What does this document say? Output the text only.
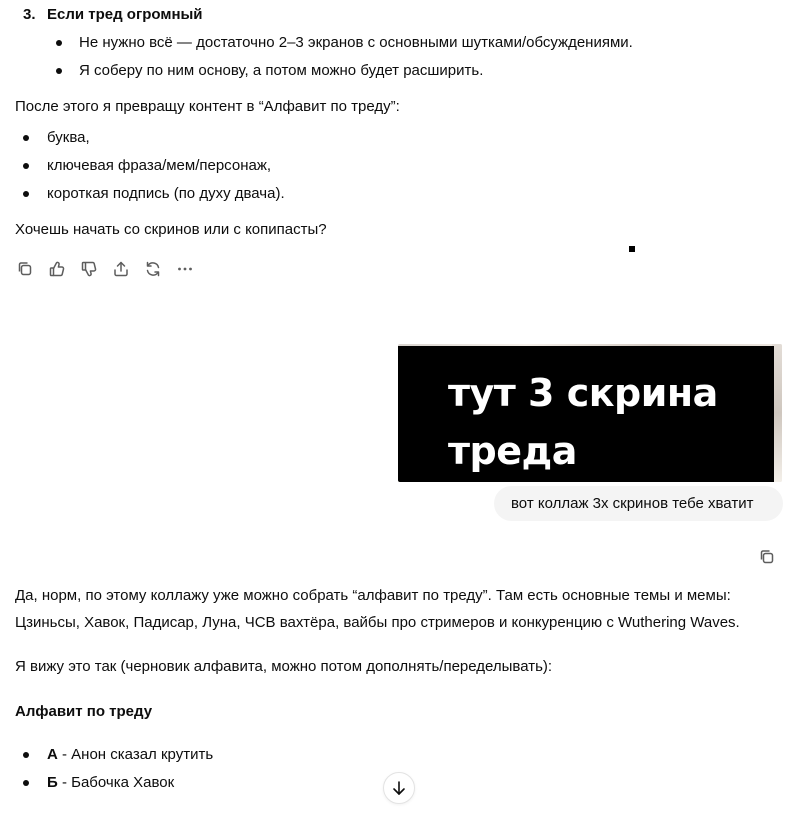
3. Если тред огромный
Не нужно всё — достаточно 2–3 экранов с основными шутками/обсуждениями.
Я соберу по ним основу, а потом можно будет расширить.
После этого я превращу контент в “Алфавит по треду”:
буква,
ключевая фраза/мем/персонаж,
короткая подпись (по духу двача).
Хочешь начать со скринов или с копипасты?
тут 3 скрина
треда
вот коллаж 3х скринов тебе хватит
Да, норм, по этому коллажу уже можно собрать “алфавит по треду”. Там есть основные темы и мемы:
Цзиньсы, Хавок, Падисар, Луна, ЧСВ вахтёра, вайбы про стримеров и конкуренцию с Wuthering Waves.
Я вижу это так (черновик алфавита, можно потом дополнять/переделывать):
Алфавит по треду
А - Анон сказал крутить
Б - Бабочка Хавок
